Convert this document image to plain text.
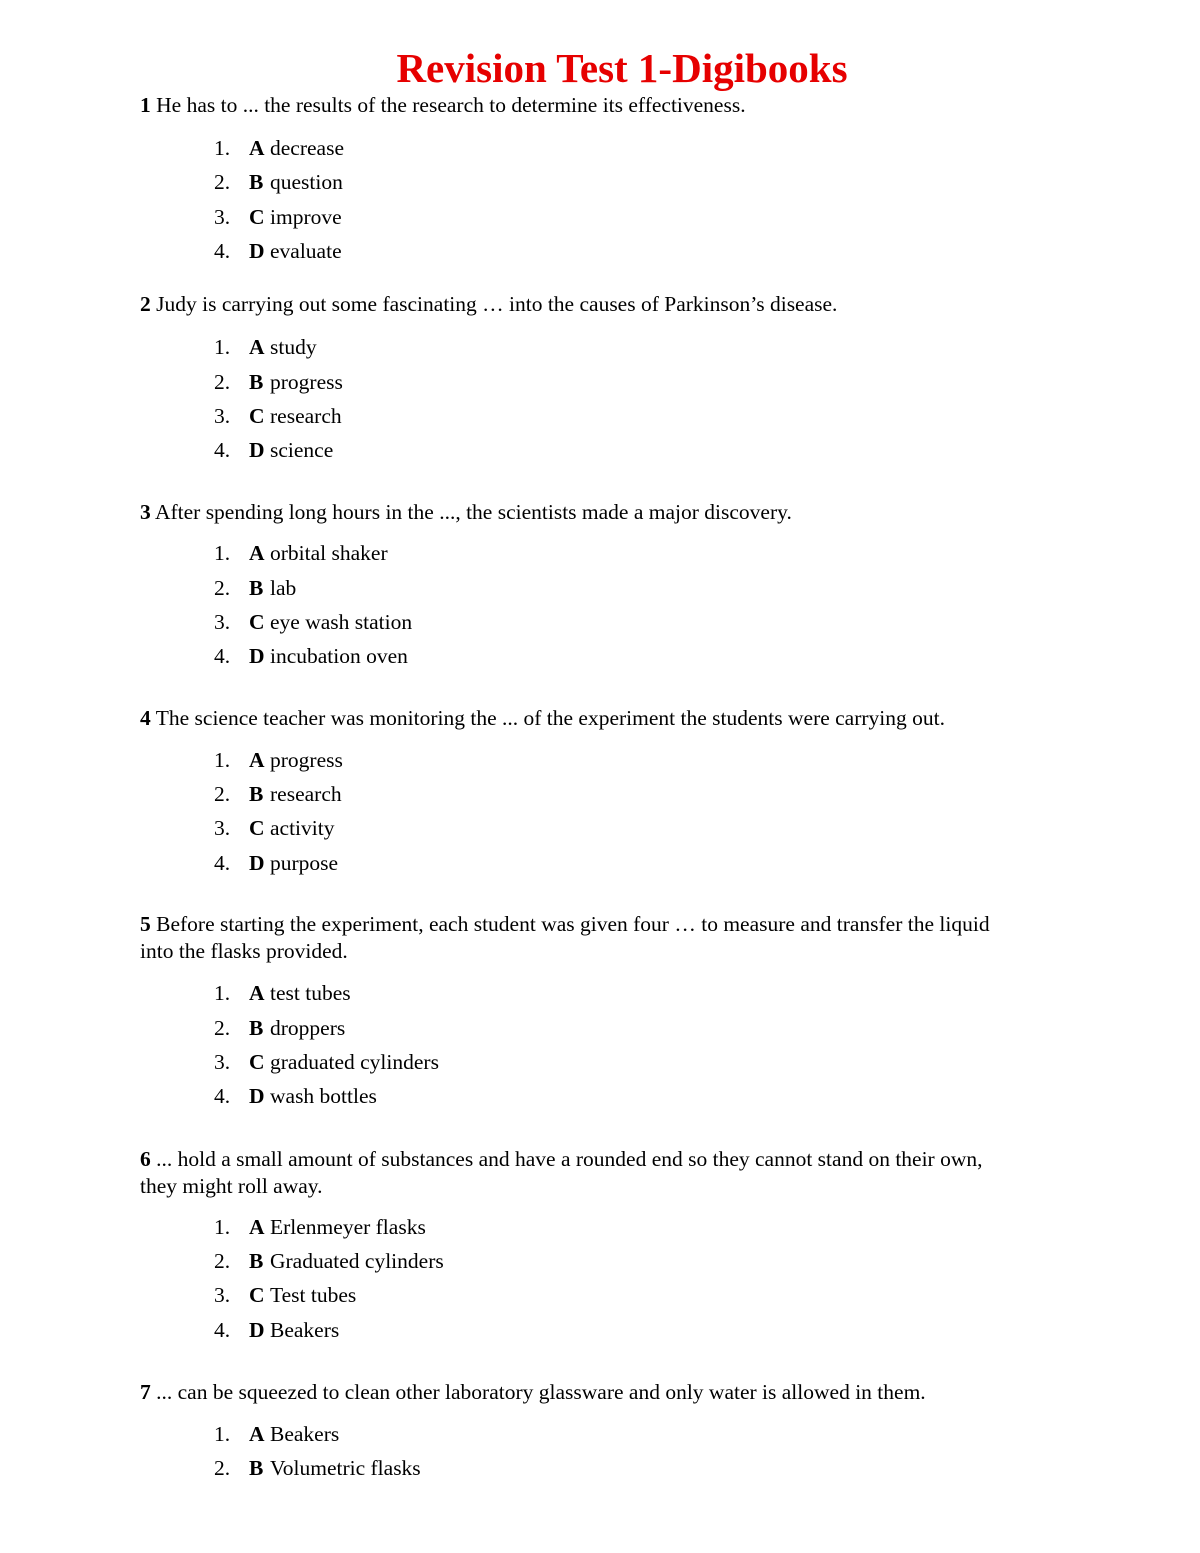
Revision Test 1-Digibooks
1 He has to ... the results of the research to determine its effectiveness.
1. A decrease
2. B question
3. C improve
4. D evaluate
2 Judy is carrying out some fascinating … into the causes of Parkinson’s disease.
1. A study
2. B progress
3. C research
4. D science
3 After spending long hours in the ..., the scientists made a major discovery.
1. A orbital shaker
2. B lab
3. C eye wash station
4. D incubation oven
4 The science teacher was monitoring the ... of the experiment the students were carrying out.
1. A progress
2. B research
3. C activity
4. D purpose
5 Before starting the experiment, each student was given four … to measure and transfer the liquid into the flasks provided.
1. A test tubes
2. B droppers
3. C graduated cylinders
4. D wash bottles
6 ... hold a small amount of substances and have a rounded end so they cannot stand on their own, they might roll away.
1. A Erlenmeyer flasks
2. B Graduated cylinders
3. C Test tubes
4. D Beakers
7 ... can be squeezed to clean other laboratory glassware and only water is allowed in them.
1. A Beakers
2. B Volumetric flasks
